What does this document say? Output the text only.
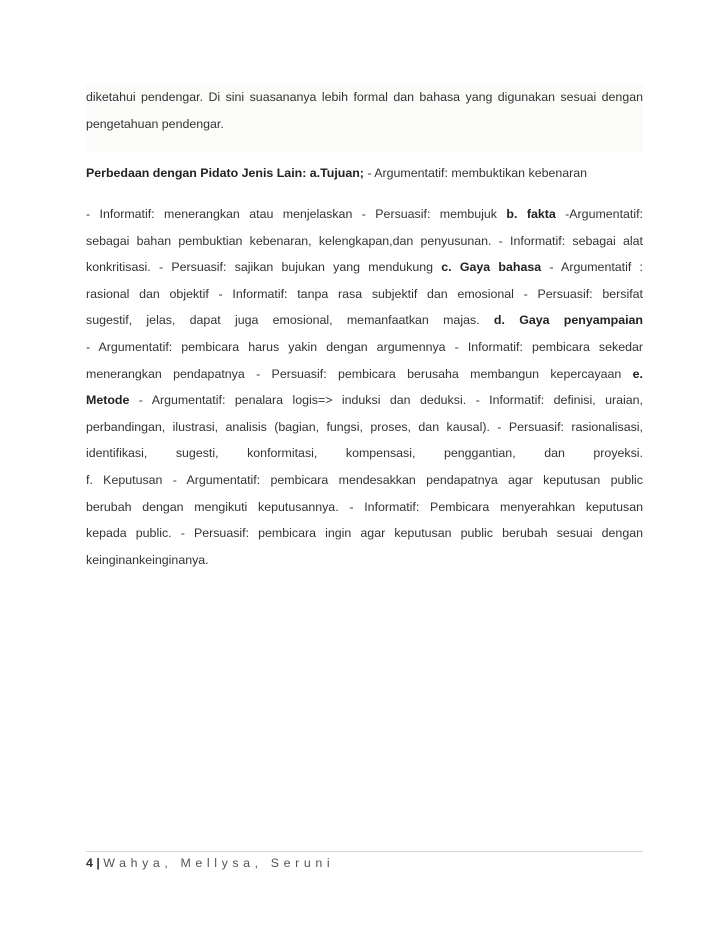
diketahui pendengar. Di sini suasananya lebih formal dan bahasa yang digunakan sesuai dengan
pengetahuan pendengar.
Perbedaan dengan Pidato Jenis Lain: a.Tujuan; - Argumentatif: membuktikan kebenaran
- Informatif: menerangkan atau menjelaskan - Persuasif: membujuk b. fakta -Argumentatif:
sebagai bahan pembuktian kebenaran, kelengkapan,dan penyusunan. - Informatif: sebagai alat
konkritisasi. - Persuasif: sajikan bujukan yang mendukung c. Gaya bahasa - Argumentatif :
rasional dan objektif - Informatif: tanpa rasa subjektif dan emosional - Persuasif: bersifat
sugestif, jelas, dapat juga emosional, memanfaatkan majas. d. Gaya penyampaian
- Argumentatif: pembicara harus yakin dengan argumennya - Informatif: pembicara sekedar
menerangkan pendapatnya - Persuasif: pembicara berusaha membangun kepercayaan e.
Metode - Argumentatif: penalara logis=> induksi dan deduksi. - Informatif: definisi, uraian,
perbandingan, ilustrasi, analisis (bagian, fungsi, proses, dan kausal). - Persuasif: rasionalisasi,
identifikasi, sugesti, konformitasi, kompensasi, penggantian, dan proyeksi.
f. Keputusan - Argumentatif: pembicara mendesakkan pendapatnya agar keputusan public
berubah dengan mengikuti keputusannya. - Informatif: Pembicara menyerahkan keputusan
kepada public. - Persuasif: pembicara ingin agar keputusan public berubah sesuai dengan
keinginankeinginanya.
4 | Wahya, Mellysa, Seruni
